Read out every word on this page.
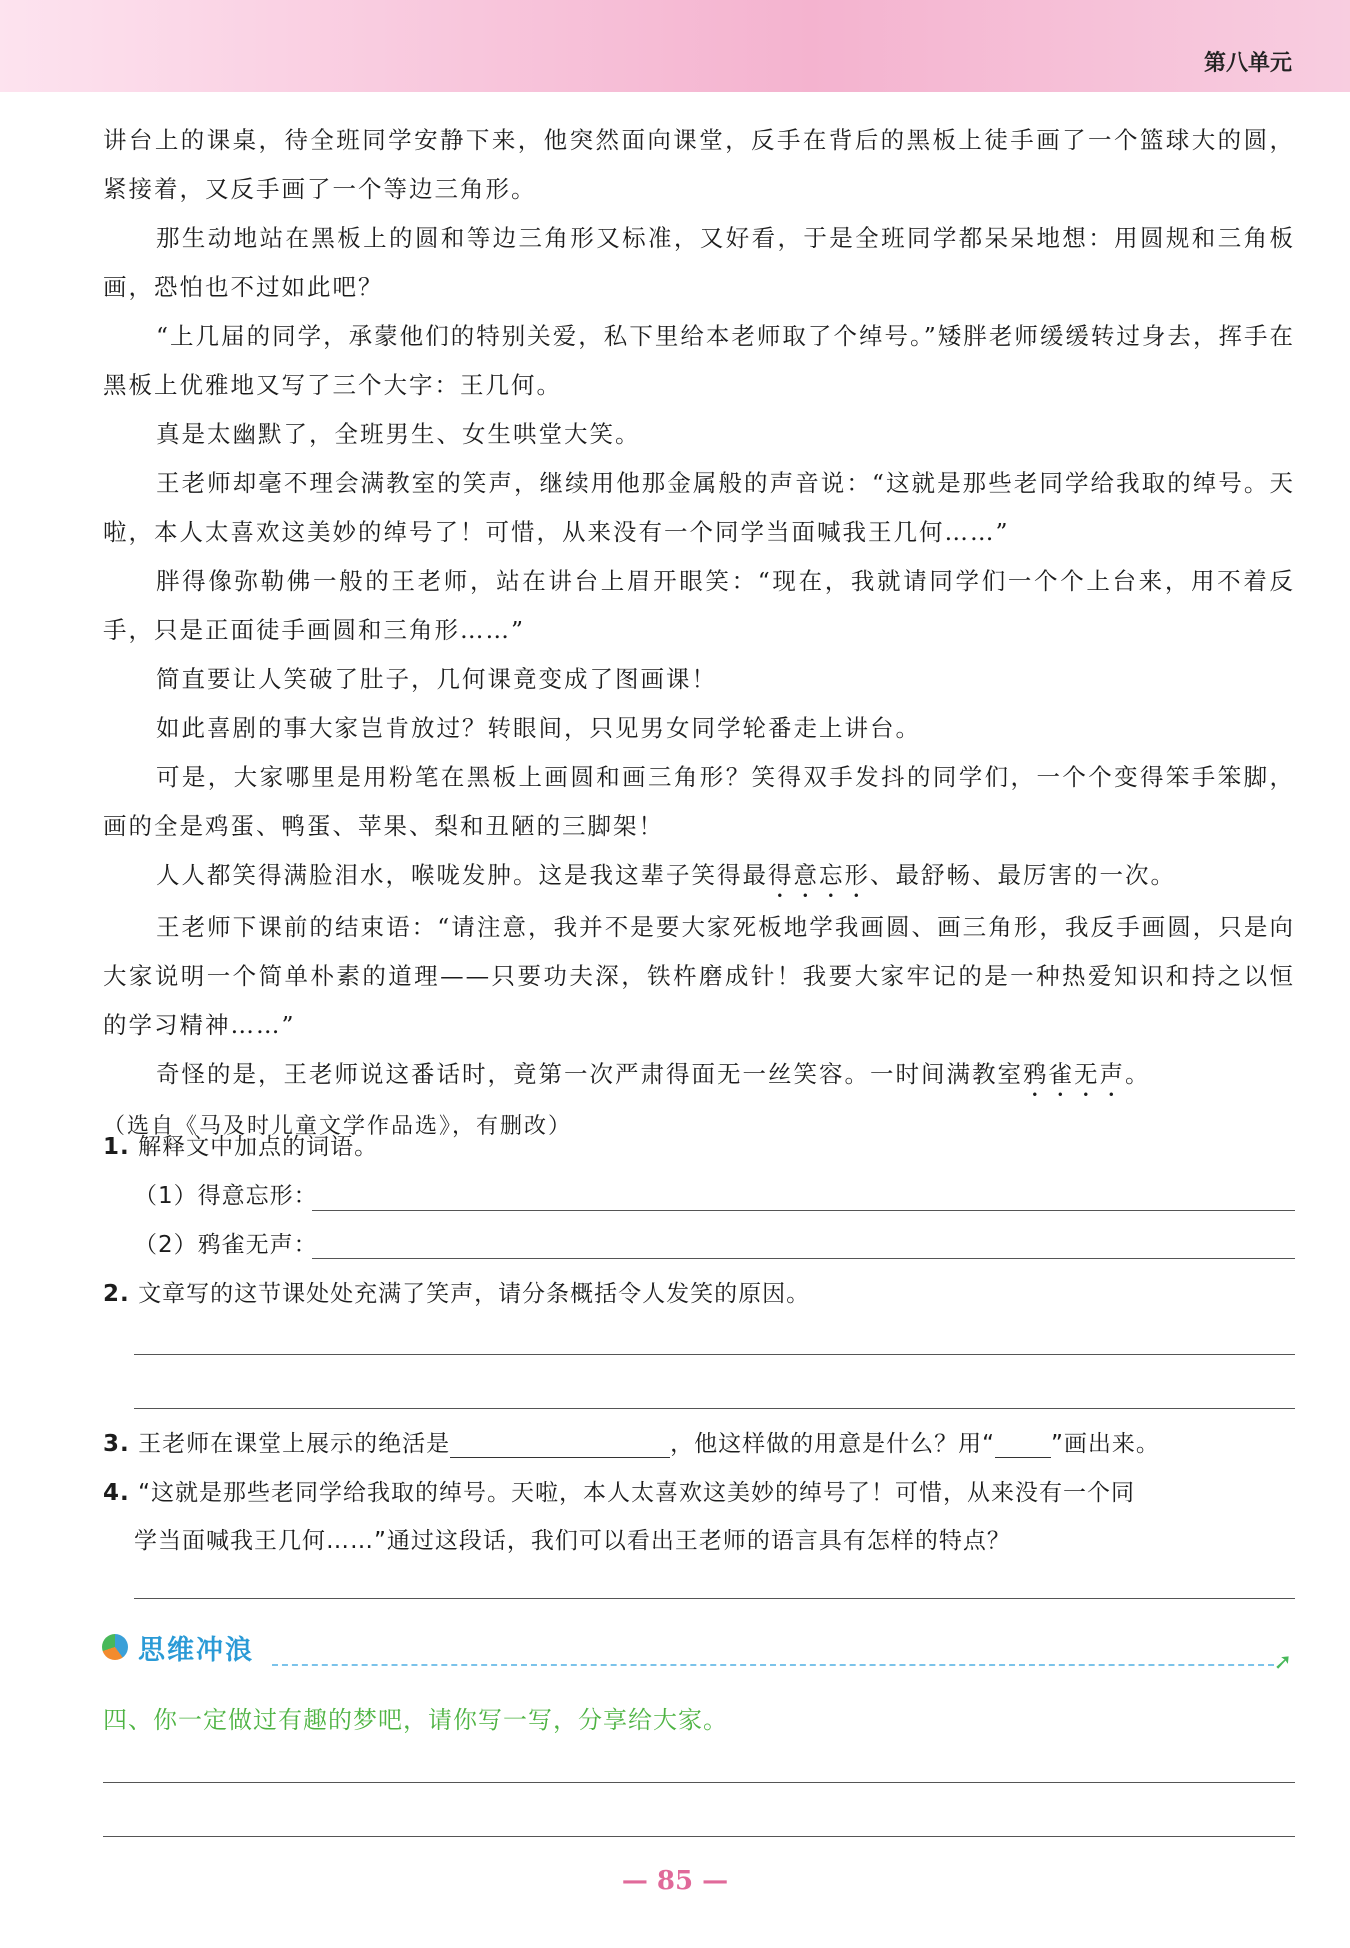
第八单元

讲台上的课桌，待全班同学安静下来，他突然面向课堂，反手在背后的黑板上徒手画了一个篮球大的圆，紧接着，又反手画了一个等边三角形。

那生动地站在黑板上的圆和等边三角形又标准，又好看，于是全班同学都呆呆地想：用圆规和三角板画，恐怕也不过如此吧？

“上几届的同学，承蒙他们的特别关爱，私下里给本老师取了个绰号。”矮胖老师缓缓转过身去，挥手在黑板上优雅地又写了三个大字：王几何。

真是太幽默了，全班男生、女生哄堂大笑。

王老师却毫不理会满教室的笑声，继续用他那金属般的声音说：“这就是那些老同学给我取的绰号。天啦，本人太喜欢这美妙的绰号了！可惜，从来没有一个同学当面喊我王几何……”

胖得像弥勒佛一般的王老师，站在讲台上眉开眼笑：“现在，我就请同学们一个个上台来，用不着反手，只是正面徒手画圆和三角形……”

简直要让人笑破了肚子，几何课竟变成了图画课！

如此喜剧的事大家岂肯放过？转眼间，只见男女同学轮番走上讲台。

可是，大家哪里是用粉笔在黑板上画圆和画三角形？笑得双手发抖的同学们，一个个变得笨手笨脚，画的全是鸡蛋、鸭蛋、苹果、梨和丑陋的三脚架！

人人都笑得满脸泪水，喉咙发肿。这是我这辈子笑得最得意忘形、最舒畅、最厉害的一次。

王老师下课前的结束语：“请注意，我并不是要大家死板地学我画圆、画三角形，我反手画圆，只是向大家说明一个简单朴素的道理——只要功夫深，铁杵磨成针！我要大家牢记的是一种热爱知识和持之以恒的学习精神……”

奇怪的是，王老师说这番话时，竟第一次严肃得面无一丝笑容。一时间满教室鸦雀无声。

（选自《马及时儿童文学作品选》，有删改）

1. 解释文中加点的词语。
（1）得意忘形：
（2）鸦雀无声：
2. 文章写的这节课处处充满了笑声，请分条概括令人发笑的原因。
3. 王老师在课堂上展示的绝活是	，他这样做的用意是什么？用“ ”画出来。
4. “这就是那些老同学给我取的绰号。天啦，本人太喜欢这美妙的绰号了！可惜，从来没有一个同
学当面喊我王几何……”通过这段话，我们可以看出王老师的语言具有怎样的特点？
思维冲浪	➚
四、你一定做过有趣的梦吧，请你写一写，分享给大家。
— 85 —
